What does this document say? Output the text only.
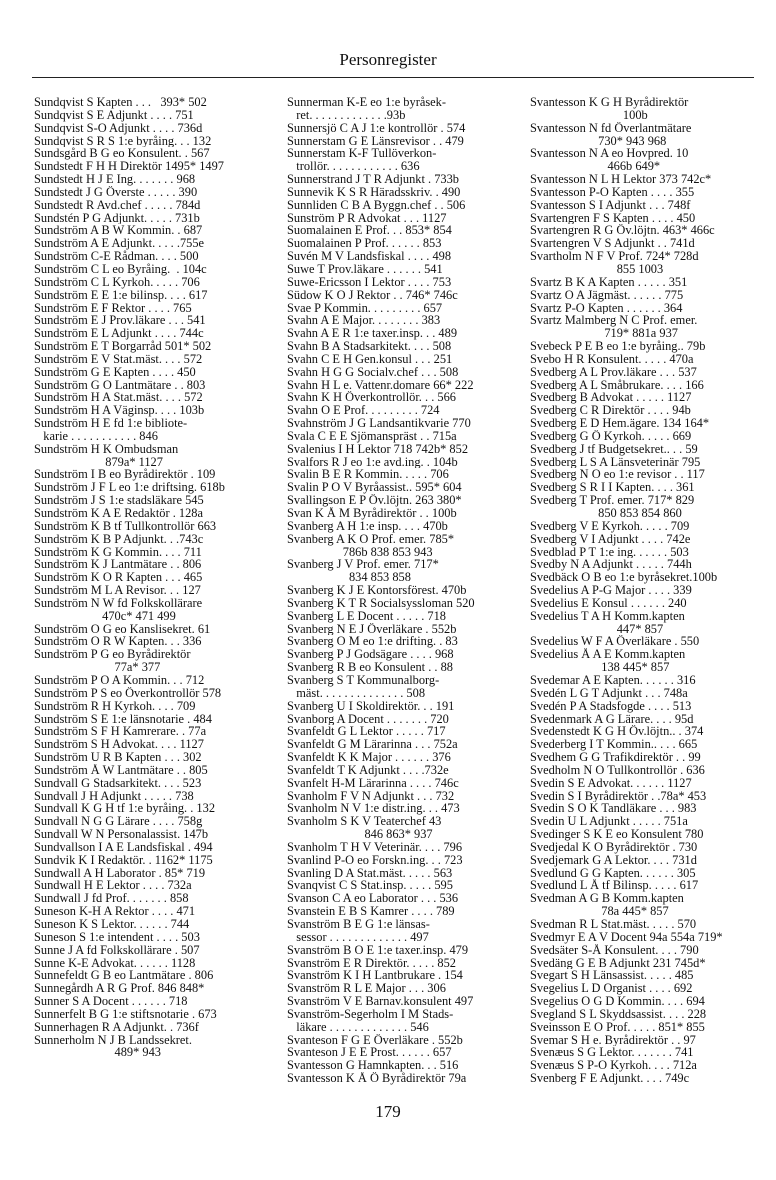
Personregister
Sundqvist S Kapten . . .   393* 502
Sundqvist S E Adjunkt . . . . 751
Sundqvist S-O Adjunkt . . . . 736d
Sundqvist S R S 1:e byråing. . . 132
Sundsgård B G eo Konsulent. . 567
Sundstedt F H H Direktör 1495* 1497
Sundstedt H J E Ing. . . . . . . 968
Sundstedt J G Överste . . . . . 390
Sundstedt R Avd.chef . . . . . 784d
Sundstén P G Adjunkt. . . . . 731b
Sundström A B W Kommin. . 687
Sundström A E Adjunkt. . . . .755e
Sundström C-E Rådman. . . . 500
Sundström C L eo Byråing.  . 104c
Sundström C L Kyrkoh. . . . . 706
Sundström E E 1:e bilinsp. . . . 617
Sundström E F Rektor . . . . 765
Sundström E J Prov.läkare . . . 541
Sundström E L Adjunkt . . . . 744c
Sundström E T Borgarråd 501* 502
Sundström E V Stat.mäst. . . . 572
Sundström G E Kapten . . . . 450
Sundström G O Lantmätare . . 803
Sundström H A Stat.mäst. . . . 572
Sundström H A Väginsp. . . . 103b
Sundström H E fd 1:e bibliote-
karie . . . . . . . . . . . 846
Sundström H K Ombudsman
879a* 1127
Sundström I B eo Byrådirektör . 109
Sundström J F L eo 1:e driftsing. 618b
Sundström J S 1:e stadsläkare 545
Sundström K A E Redaktör . 128a
Sundström K B tf Tullkontrollör 663
Sundström K B P Adjunkt. . .743c
Sundström K G Kommin. . . . 711
Sundström K J Lantmätare . . 806
Sundström K O R Kapten . . . 465
Sundström M L A Revisor. . . 127
Sundström N W fd Folkskollärare
470c* 471 499
Sundström O G eo Kanslisekret. 61
Sundström O R W Kapten. . . 336
Sundström P G eo Byrådirektör
77a* 377
Sundström P O A Kommin. . . 712
Sundström P S eo Överkontrollör 578
Sundström R H Kyrkoh. . . . 709
Sundström S E 1:e länsnotarie . 484
Sundström S F H Kamrerare. . 77a
Sundström S H Advokat. . . . 1127
Sundström U R B Kapten . . . 302
Sundström Å W Lantmätare . . 805
Sundvall G Stadsarkitekt. . . . 523
Sundvall J H Adjunkt . . . . . 738
Sundvall K G H tf 1:e byråing. . 132
Sundvall N G G Lärare . . . . 758g
Sundvall W N Personalassist. 147b
Sundvallson I A E Landsfiskal . 494
Sundvik K I Redaktör. . 1162* 1175
Sundwall A H Laborator . 85* 719
Sundwall H E Lektor . . . . 732a
Sundwall J fd Prof. . . . . . . 858
Suneson K-H A Rektor . . . . 471
Suneson K S Lektor. . . . . . 744
Suneson S 1:e intendent . . . . 503
Sunne J A fd Folkskollärare . 507
Sunne K-E Advokat. . . . . . 1128
Sunnefeldt G B eo Lantmätare . 806
Sunnegårdh A R G Prof. 846 848*
Sunner S A Docent . . . . . . 718
Sunnerfelt B G 1:e stiftsnotarie . 673
Sunnerhagen R A Adjunkt. . 736f
Sunnerholm N J B Landssekret.
489* 943
Sunnerman K-E eo 1:e byråsek-
ret. . . . . . . . . . . . .93b
Sunnersjö C A J 1:e kontrollör . 574
Sunnerstam G E Länsrevisor . . 479
Sunnerstam K-F Tullöverkon-
trollör. . . . . . . . . . . . 636
Sunnerstrand J T R Adjunkt . 733b
Sunnevik K S R Häradsskriv. . 490
Sunnliden C B A Byggn.chef . . 506
Sunström P R Advokat . . . 1127
Suomalainen E Prof. . . 853* 854
Suomalainen P Prof. . . . . . 853
Suvén M V Landsfiskal . . . . 498
Suwe T Prov.läkare . . . . . . 541
Suwe-Ericsson I Lektor . . . . 753
Südow K O J Rektor . . 746* 746c
Svae P Kommin. . . . . . . . . 657
Svahn A E Major. . . . . . . . 383
Svahn A E R 1:e taxer.insp. . . 489
Svahn B A Stadsarkitekt. . . . 508
Svahn C E H Gen.konsul . . . 251
Svahn H G G Socialv.chef . . . 508
Svahn H L e. Vattenr.domare 66* 222
Svahn K H Överkontrollör. . . 566
Svahn O E Prof. . . . . . . . . 724
Svahnström J G Landsantikvarie 770
Svala C E E Sjömanspräst . . 715a
Svalenius I H Lektor 718 742b* 852
Svalfors R J eo 1:e avd.ing. . 104b
Svalin B E R Kommin. . . . . 706
Svalin P O V Byråassist.. 595* 604
Svallingson E P Öv.löjtn. 263 380*
Svan K Å M Byrådirektör . . 100b
Svanberg A H 1:e insp. . . . 470b
Svanberg A K O Prof. emer. 785*
786b 838 853 943
Svanberg J V Prof. emer. 717*
834 853 858
Svanberg K J E Kontorsförest. 470b
Svanberg K T R Socialsyssloman 520
Svanberg L E Docent . . . . . 718
Svanberg N E J Överläkare . 552b
Svanberg O M eo 1:e drifting. . 83
Svanberg P J Godsägare . . . . 968
Svanberg R B eo Konsulent . . 88
Svanberg S T Kommunalborg-
mäst. . . . . . . . . . . . . . 508
Svanberg U I Skoldirektör. . . 191
Svanborg A Docent . . . . . . . 720
Svanfeldt G L Lektor . . . . . 717
Svanfeldt G M Lärarinna . . . 752a
Svanfeldt K K Major . . . . . . 376
Svanfeldt T K Adjunkt . . . .732e
Svanfelt H-M Lärarinna . . . . 746c
Svanholm F V N Adjunkt . . . 732
Svanholm N V 1:e distr.ing. . . 473
Svanholm S K V Teaterchef 43
846 863* 937
Svanholm T H V Veterinär. . . . 796
Svanlind P-O eo Forskn.ing. . . 723
Svanling D A Stat.mäst. . . . . 563
Svanqvist C S Stat.insp. . . . . 595
Svanson C A eo Laborator . . . 536
Svanstein E B S Kamrer . . . . 789
Svanström B E G 1:e länsas-
sessor . . . . . . . . . . . . . 497
Svanström B O E 1:e taxer.insp. 479
Svanström E R Direktör. . . . . 852
Svanström K I H Lantbrukare . 154
Svanström R L E Major . . . 306
Svanström V E Barnav.konsulent 497
Svanström-Segerholm I M Stads-
läkare . . . . . . . . . . . . . 546
Svanteson F G E Överläkare . 552b
Svanteson J E E Prost. . . . . . 657
Svantesson G Hamnkapten. . . 516
Svantesson K Å Ö Byrådirektör 79a
Svantesson K G H Byrådirektör
100b
Svantesson N fd Överlantmätare
730* 943 968
Svantesson N A eo Hovpred. 10
466b 649*
Svantesson N L H Lektor 373 742c*
Svantesson P-O Kapten . . . . 355
Svantesson S I Adjunkt . . . 748f
Svartengren F S Kapten . . . . 450
Svartengren R G Öv.löjtn. 463* 466c
Svartengren V S Adjunkt . . 741d
Svartholm N F V Prof. 724* 728d
855 1003
Svartz B K A Kapten . . . . . 351
Svartz O A Jägmäst. . . . . . 775
Svartz P-O Kapten . . . . . . 364
Svartz Malmberg N C Prof. emer.
719* 881a 937
Svebeck P E B eo 1:e byråing.. 79b
Svebo H R Konsulent. . . . . 470a
Svedberg A L Prov.läkare . . . 537
Svedberg A L Småbrukare. . . . 166
Svedberg B Advokat . . . . . 1127
Svedberg C R Direktör . . . . 94b
Svedberg E D Hem.ägare. 134 164*
Svedberg G Ö Kyrkoh. . . . . 669
Svedberg J tf Budgetsekret.. . . 59
Svedberg L S A Länsveterinär 795
Svedberg N O eo 1:e revisor . . 117
Svedberg S R I I Kapten. . . . 361
Svedberg T Prof. emer. 717* 829
850 853 854 860
Svedberg V E Kyrkoh. . . . . 709
Svedberg V I Adjunkt . . . . 742e
Svedblad P T 1:e ing. . . . . . 503
Svedby N A Adjunkt . . . . . 744h
Svedbäck O B eo 1:e byråsekret.100b
Svedelius A P-G Major . . . . 339
Svedelius E Konsul . . . . . . 240
Svedelius T A H Komm.kapten
447* 857
Svedelius W F A Överläkare . 550
Svedelius Å A E Komm.kapten
138 445* 857
Svedemar A E Kapten. . . . . . 316
Svedén L G T Adjunkt . . . 748a
Svedén P A Stadsfogde . . . . 513
Svedenmark A G Lärare. . . . 95d
Svedenstedt K G H Öv.löjtn.. . 374
Svederberg I T Kommin.. . . . 665
Svedhem G G Trafikdirektör . . 99
Svedholm N O Tullkontrollör . 636
Svedin S E Advokat. . . . . . 1127
Svedin S I Byrådirektör . .78a* 453
Svedin S O K Tandläkare . . . 983
Svedin U L Adjunkt . . . . . 751a
Svedinger S K E eo Konsulent 780
Svedjedal K O Byrådirektör . 730
Svedjemark G A Lektor. . . . 731d
Svedlund G G Kapten. . . . . . 305
Svedlund L Å tf Bilinsp. . . . . 617
Svedman A G B Komm.kapten
78a 445* 857
Svedman R L Stat.mäst. . . . . 570
Svedmyr E A V Docent 94a 554a 719*
Svedsäter S-Å Konsulent. . . . 790
Svedäng G E B Adjunkt 231 745d*
Svegart S H Länsassist. . . . . 485
Svegelius L D Organist . . . . 692
Svegelius O G D Kommin. . . . 694
Svegland S L Skyddsassist. . . . 228
Sveinsson E O Prof. . . . . 851* 855
Svemar S H e. Byrådirektör . . 97
Svenæus S G Lektor. . . . . . . 741
Svenæus S P-O Kyrkoh. . . . 712a
Svenberg F E Adjunkt. . . . 749c
179
